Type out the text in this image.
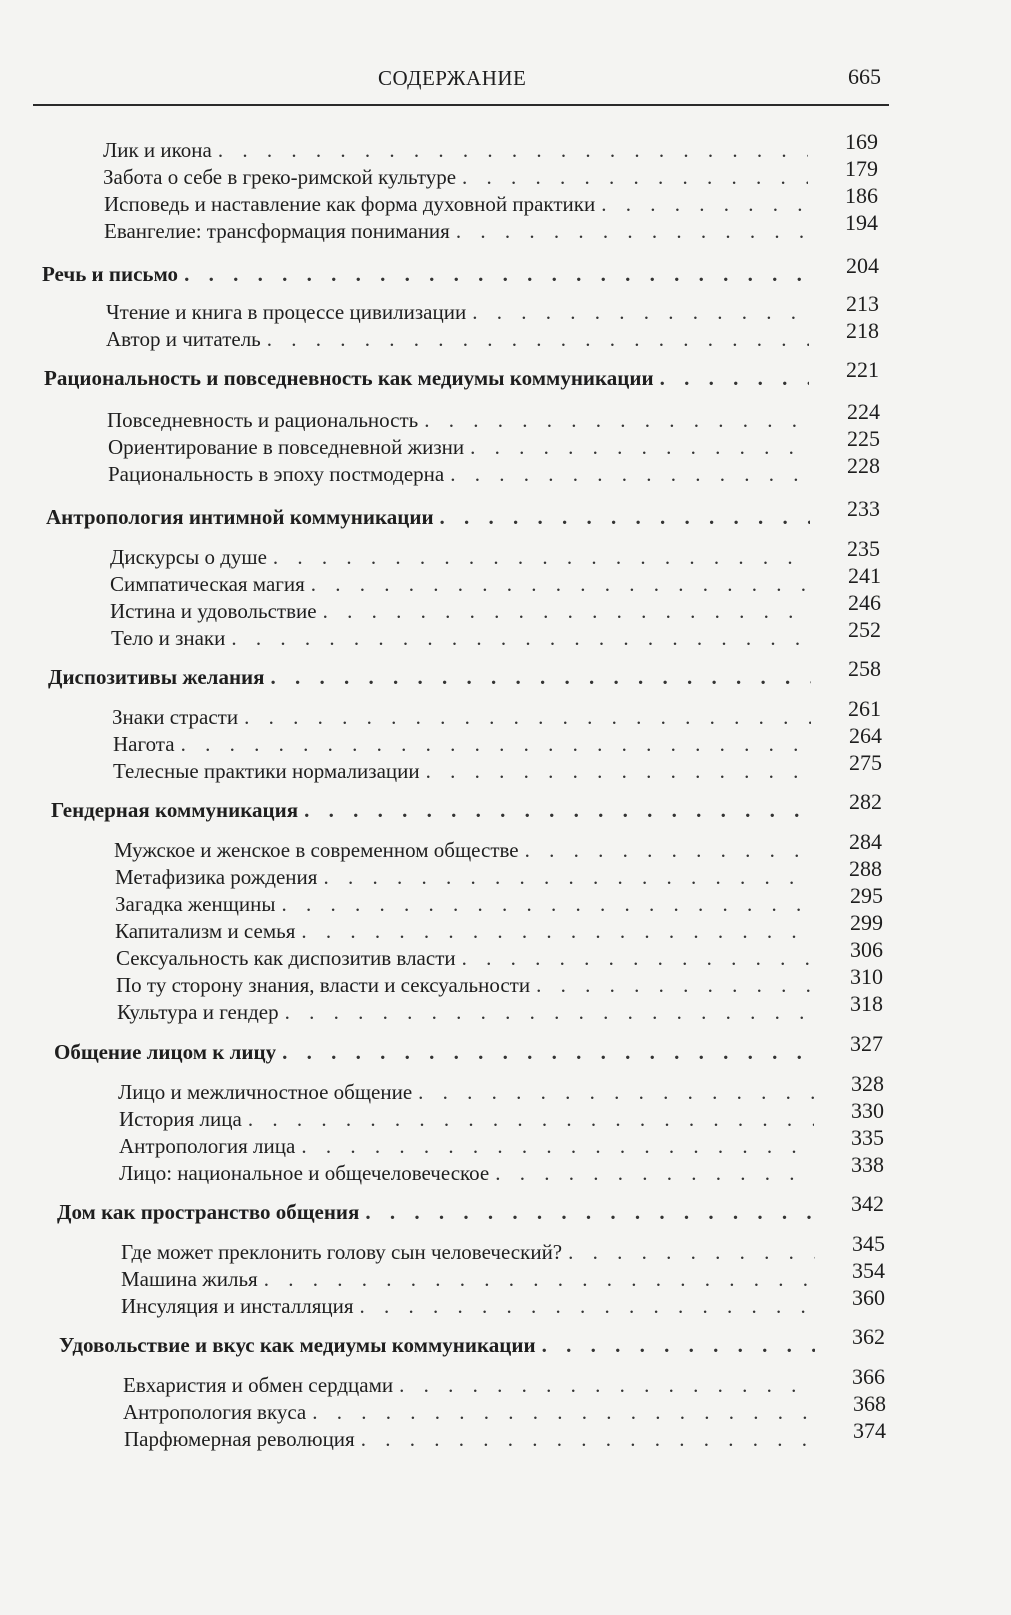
СОДЕРЖАНИЕ	665
Лик и икона . . .	169
Забота о себе в греко-римской культуре . . .	179
Исповедь и наставление как форма духовной практики . . .	186
Евангелие: трансформация понимания . . .	194
Речь и письмо . . .	204
Чтение и книга в процессе цивилизации . . .	213
Автор и читатель . . .	218
Рациональность и повседневность как медиумы коммуникации . . .	221
Повседневность и рациональность . . .	224
Ориентирование в повседневной жизни . . .	225
Рациональность в эпоху постмодерна . . .	228
Антропология интимной коммуникации . . .	233
Дискурсы о душе . . .	235
Симпатическая магия . . .	241
Истина и удовольствие . . .	246
Тело и знаки . . .	252
Диспозитивы желания . . .	258
Знаки страсти . . .	261
Нагота . . .	264
Телесные практики нормализации . . .	275
Гендерная коммуникация . . .	282
Мужское и женское в современном обществе . . .	284
Метафизика рождения . . .	288
Загадка женщины . . .	295
Капитализм и семья . . .	299
Сексуальность как диспозитив власти . . .	306
По ту сторону знания, власти и сексуальности . . .	310
Культура и гендер . . .	318
Общение лицом к лицу . . .	327
Лицо и межличностное общение . . .	328
История лица . . .	330
Антропология лица . . .	335
Лицо: национальное и общечеловеческое . . .	338
Дом как пространство общения . . .	342
Где может преклонить голову сын человеческий? . . .	345
Машина жилья . . .	354
Инсуляция и инсталляция . . .	360
Удовольствие и вкус как медиумы коммуникации . . .	362
Евхаристия и обмен сердцами . . .	366
Антропология вкуса . . .	368
Парфюмерная революция . . .	374
